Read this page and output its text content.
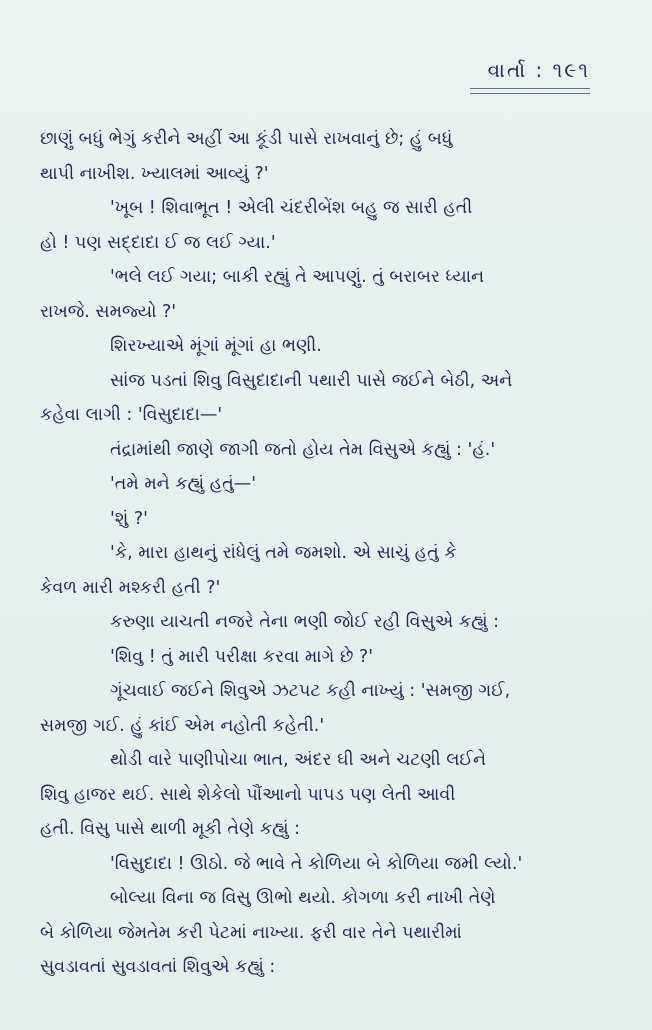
વાર્તા : ૧૯૧

છાણું બધું ભેગું કરીને અહીં આ કૂંડી પાસે રાખવાનું છે; હું બધું

થાપી નાખીશ. ખ્યાલમાં આવ્યું ?'

'ખૂબ ! શિવાભૂત ! એલી ચંદરીબેંશ બહુ જ સારી હતી

હો ! પણ સદ્દાદા ઈ જ લઈ ગ્યા.'

'ભલે લઈ ગયા; બાકી રહ્યું તે આપણું. તું બરાબર ધ્યાન

રાખજે. સમજ્યો ?'

શિરખ્યાએ મૂંગાં મૂંગાં હા ભણી.

સાંજ પડતાં શિવુ વિસુદાદાની પથારી પાસે જઈને બેઠી, અને

કહેવા લાગી : 'વિસુદાદા—'

તંદ્રામાંથી જાણે જાગી જતો હોય તેમ વિસુએ કહ્યું : 'હં.'

'તમે મને કહ્યું હતું—'

'શું ?'

'કે, મારા હાથનું રાંધેલું તમે જમશો. એ સાચું હતું કે

કેવળ મારી મશ્કરી હતી ?'

કરુણા યાચતી નજરે તેના ભણી જોઈ રહી વિસુએ કહ્યું :

'શિવુ ! તું મારી પરીક્ષા કરવા માગે છે ?'

ગૂંચવાઈ જઈને શિવુએ ઝટપટ કહી નાખ્યું : 'સમજી ગઈ,

સમજી ગઈ. હું કાંઈ એમ નહોતી કહેતી.'

થોડી વારે પાણીપોચા ભાત, અંદર ઘી અને ચટણી લઈને

શિવુ હાજર થઈ. સાથે શેકેલો પૌંઆનો પાપડ પણ લેતી આવી

હતી. વિસુ પાસે થાળી મૂકી તેણે કહ્યું :

'વિસુદાદા ! ઊઠો. જે ભાવે તે કોળિયા બે કોળિયા જમી લ્યો.'

બોલ્યા વિના જ વિસુ ઊભો થયો. કોગળા કરી નાખી તેણે

બે કોળિયા જેમતેમ કરી પેટમાં નાખ્યા. ફરી વાર તેને પથારીમાં

સુવડાવતાં સુવડાવતાં શિવુએ કહ્યું :
